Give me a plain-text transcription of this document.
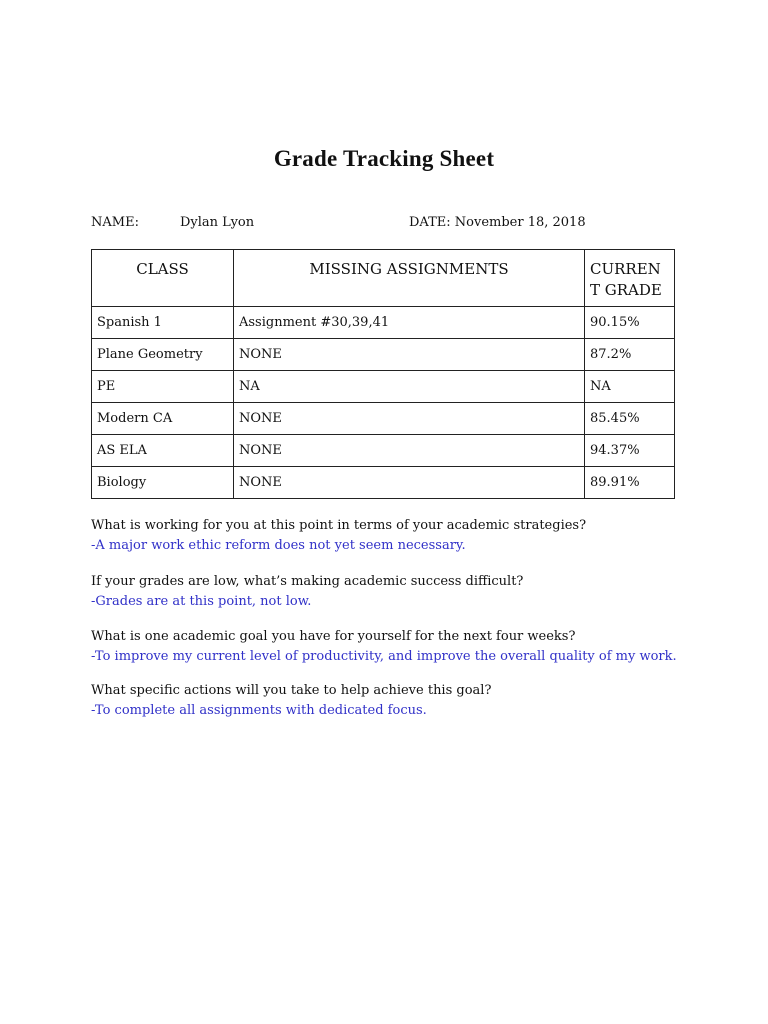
Grade Tracking Sheet
NAME:	Dylan Lyon	DATE: November 18, 2018
CLASS	MISSING ASSIGNMENTS	CURREN T GRADE
Spanish 1	Assignment #30,39,41	90.15%
Plane Geometry	NONE	87.2%
PE	NA	NA
Modern CA	NONE	85.45%
AS ELA	NONE	94.37%
Biology	NONE	89.91%
What is working for you at this point in terms of your academic strategies?
-A major work ethic reform does not yet seem necessary.
If your grades are low, what’s making academic success difficult?
-Grades are at this point, not low.
What is one academic goal you have for yourself for the next four weeks?
-To improve my current level of productivity, and improve the overall quality of my work.
What specific actions will you take to help achieve this goal?
-To complete all assignments with dedicated focus.
